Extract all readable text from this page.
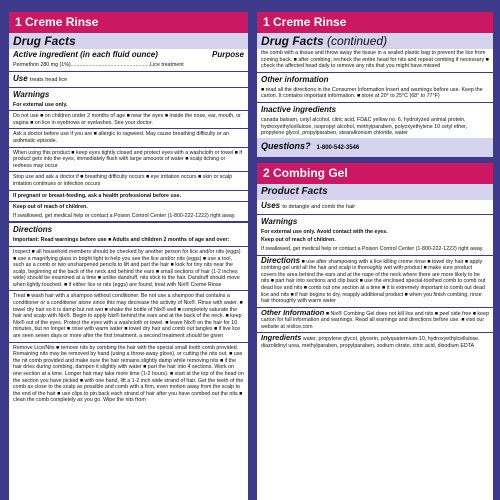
1 Creme Rinse
Drug Facts
Active ingredient (in each fluid ounce)	Purpose
Permethrin 280 mg (1%)......................................................Lice treatment
Use treats head lice
Warnings
For external use only.
Do not use ■ on children under 2 months of age ■ near the eyes ■ inside the nose, ear, mouth, or vagina ■ on lice in eyebrows or eyelashes. See your doctor.
Ask a doctor before use if you are ■ allergic to ragweed. May cause breathing difficulty or an asthmatic episode.
When using this product ■ keep eyes tightly closed and protect eyes with a washcloth or towel ■ if product gets into the eyes, immediately flush with large amounts of water ■ scalp itching or redness may occur
Stop use and ask a doctor if ■ breathing difficulty occurs ■ eye irritation occurs ■ skin or scalp irritation continues or infection occurs
If pregnant or breast-feeding, ask a health professional before use.
Keep out of reach of children.
If swallowed, get medical help or contact a Poison Control Center (1-800-222-1222) right away.
Directions
Important: Read warnings before use ■ Adults and children 2 months of age and over:
Inspect ■ all household members should be checked by another person for lice and/or nits (eggs) ■ use a magnifying glass in bright light to help you see the lice and/or nits (eggs) ■ use a tool, such as a comb or two unsharpened pencils to lift and part the hair ■ look for tiny nits near the scalp, beginning at the back of the neck and behind the ears ■ small sections of hair (1-2 inches wide) should be examined at a time ■ unlike dandruff, nits stick to the hair. Dandruff should move when lightly touched. ■ if either lice or nits (eggs) are found, treat with Nix® Creme Rinse
Treat ■ wash hair with a shampoo without conditioner. Be not use a shampoo that contains a conditioner or a conditioner alone since this may decrease the activity of Nix®. Rinse with water. ■ towel dry hair so it is damp but not wet ■ shake the bottle of Nix® well ■ completely saturate the hair and scalp with Nix®. Begin to apply Nix® behind the ears and at the back of the neck. ■ keep Nix® out of the eyes. Protect the eyes with a washcloth or towel. ■ leave Nix® on the hair for 10 minutes, but no longer ■ rinse with warm water ■ towel dry hair and comb out tangles ■ if live lice are seen seven days or more after the first treatment, a second treatment should be given
Remove Lice/Nits ■ remove nits by combing the hair with the special small tooth comb provided. Remaining nits may be removed by hand (using a throw-away glove), or cutting the nits out. ■ use the nit comb provided and make sure the hair remains slightly damp while removing nits ■ if the hair dries during combing, dampen it slightly with water ■ part the hair into 4 sections. Work on one section at a time. Longer hair may take more time (1-2 hours). ■ start at the top of the head on the section you have picked ■ with one hand, lift a 1-2 inch wide strand of hair. Get the teeth of the comb as close to the scalp as possible and comb with a firm, even motion away from the scalp to the end of the hair ■ use clips to pin back each strand of hair after you have combed out the nits ■ clean the comb completely as you go. Wipe the nits from
1 Creme Rinse
Drug Facts (continued)
the comb with a tissue and throw away the tissue in a sealed plastic bag to prevent the lice from coming back. ■ after combing, recheck the entire head for nits and repeat combing if necessary ■ check the affected head daily to remove any nits that you might have missed
Other information
■ read all the directions in the Consumer Information Insert and warnings before use. Keep the carton. It contains important information. ■ store at 20° to 25°C (68° to 77°F)
Inactive ingredients
canada balsam, cetyl alcohol, citric acid, FD&C yellow no. 6, hydrolyzed animal protein, hydroxyethylcellulose, isopropyl alcohol, methylparaben, polyoxyethylene 10 cetyl ether, propylene glycol, propylparaben, stearalkonium chloride, water
Questions? 1-800-542-3546
2 Combing Gel
Product Facts
Uses to detangle and comb the hair
Warnings
For external use only. Avoid contact with the eyes.
Keep out of reach of children.
If swallowed, get medical help or contact a Poison Control Center (1-800-222-1222) right away.
Directions ■ use after shampooing with a lice killing creme rinse ■ towel dry hair ■ apply combing gel until all the hair and scalp is thoroughly wet with product ■ make sure product covers the area behind the ears and at the nape of the neck where there are more likely to be nits ■ part hair into sections and clip back ■ use the enclosed special-toothed comb to comb out dead lice and nits ■ comb out one section at a time ■ it is extremely important to comb out dead lice and nits ■ if hair begins to dry, reapply additional product ■ when you finish combing, rinse hair thoroughly with warm water
Other Information ■ Nix® Combing Gel does not kill lice and nits ■ peel side free ■ keep carton for full information and warnings. Read all warnings and directions before use. ■ visit our website at nixlice.com
Ingredients water, propylene glycol, glycerin, polyquaternium-10, hydroxyethylcellulose, diazolidinyl urea, methylparaben, propylparaben, sodium citrate, citric acid, disodium EDTA
